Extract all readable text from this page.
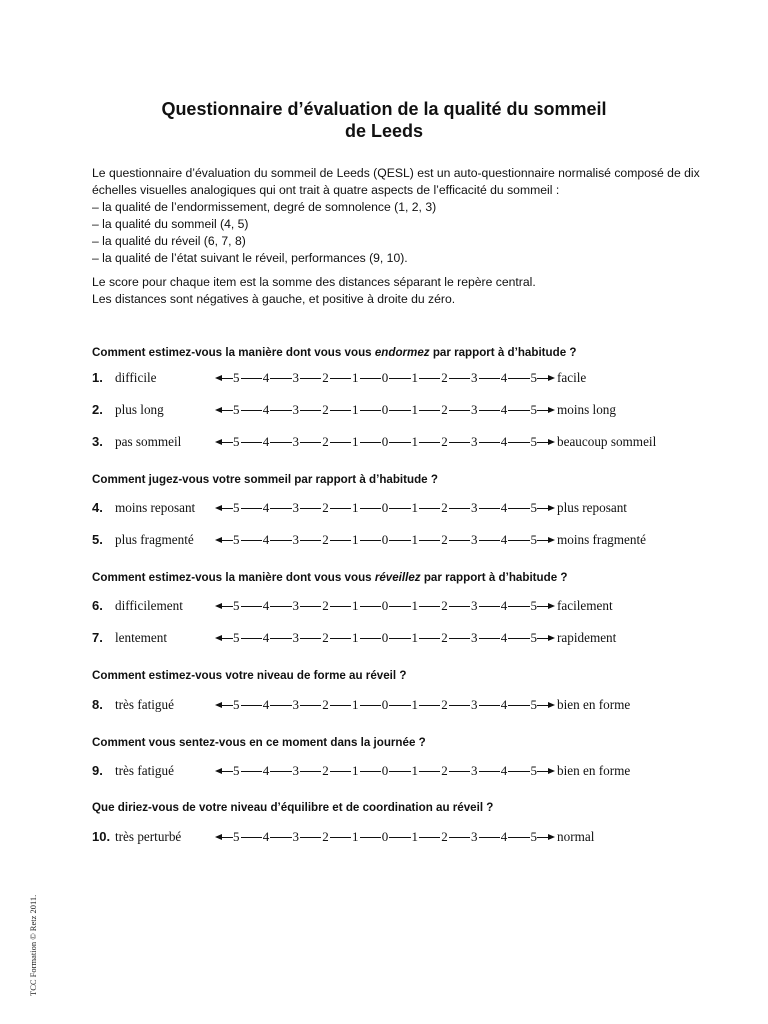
Questionnaire d’évaluation de la qualité du sommeil
de Leeds

Le questionnaire d’évaluation du sommeil de Leeds (QESL) est un auto-questionnaire normalisé composé de dix échelles visuelles analogiques qui ont trait à quatre aspects de l’efficacité du sommeil :

– la qualité de l’endormissement, degré de somnolence (1, 2, 3)

– la qualité du sommeil (4, 5)

– la qualité du réveil (6, 7, 8)

– la qualité de l’état suivant le réveil, performances (9, 10).

Le score pour chaque item est la somme des distances séparant le repère central.

Les distances sont négatives à gauche, et positive à droite du zéro.

Comment estimez-vous la manière dont vous vous endormez par rapport à d’habitude ?
Comment jugez-vous votre sommeil par rapport à d’habitude ?
Comment estimez-vous la manière dont vous vous réveillez par rapport à d’habitude ?
Comment estimez-vous votre niveau de forme au réveil ?
Comment vous sentez-vous en ce moment dans la journée ?
Que diriez-vous de votre niveau d’équilibre et de coordination au réveil ?
1. difficile	5 4 3 2 1 0 1 2 3 4 5 facile
2. plus long	5 4 3 2 1 0 1 2 3 4 5 moins long
3. pas sommeil	5 4 3 2 1 0 1 2 3 4 5 beaucoup sommeil
4. moins reposant	5 4 3 2 1 0 1 2 3 4 5 plus reposant
5. plus fragmenté	5 4 3 2 1 0 1 2 3 4 5 moins fragmenté
6. difficilement	5 4 3 2 1 0 1 2 3 4 5 facilement
7. lentement	5 4 3 2 1 0 1 2 3 4 5 rapidement
8. très fatigué	5 4 3 2 1 0 1 2 3 4 5 bien en forme
9. très fatigué	5 4 3 2 1 0 1 2 3 4 5 bien en forme
10. très perturbé	5 4 3 2 1 0 1 2 3 4 5 normal
TCC Formation © Retz 2011.
